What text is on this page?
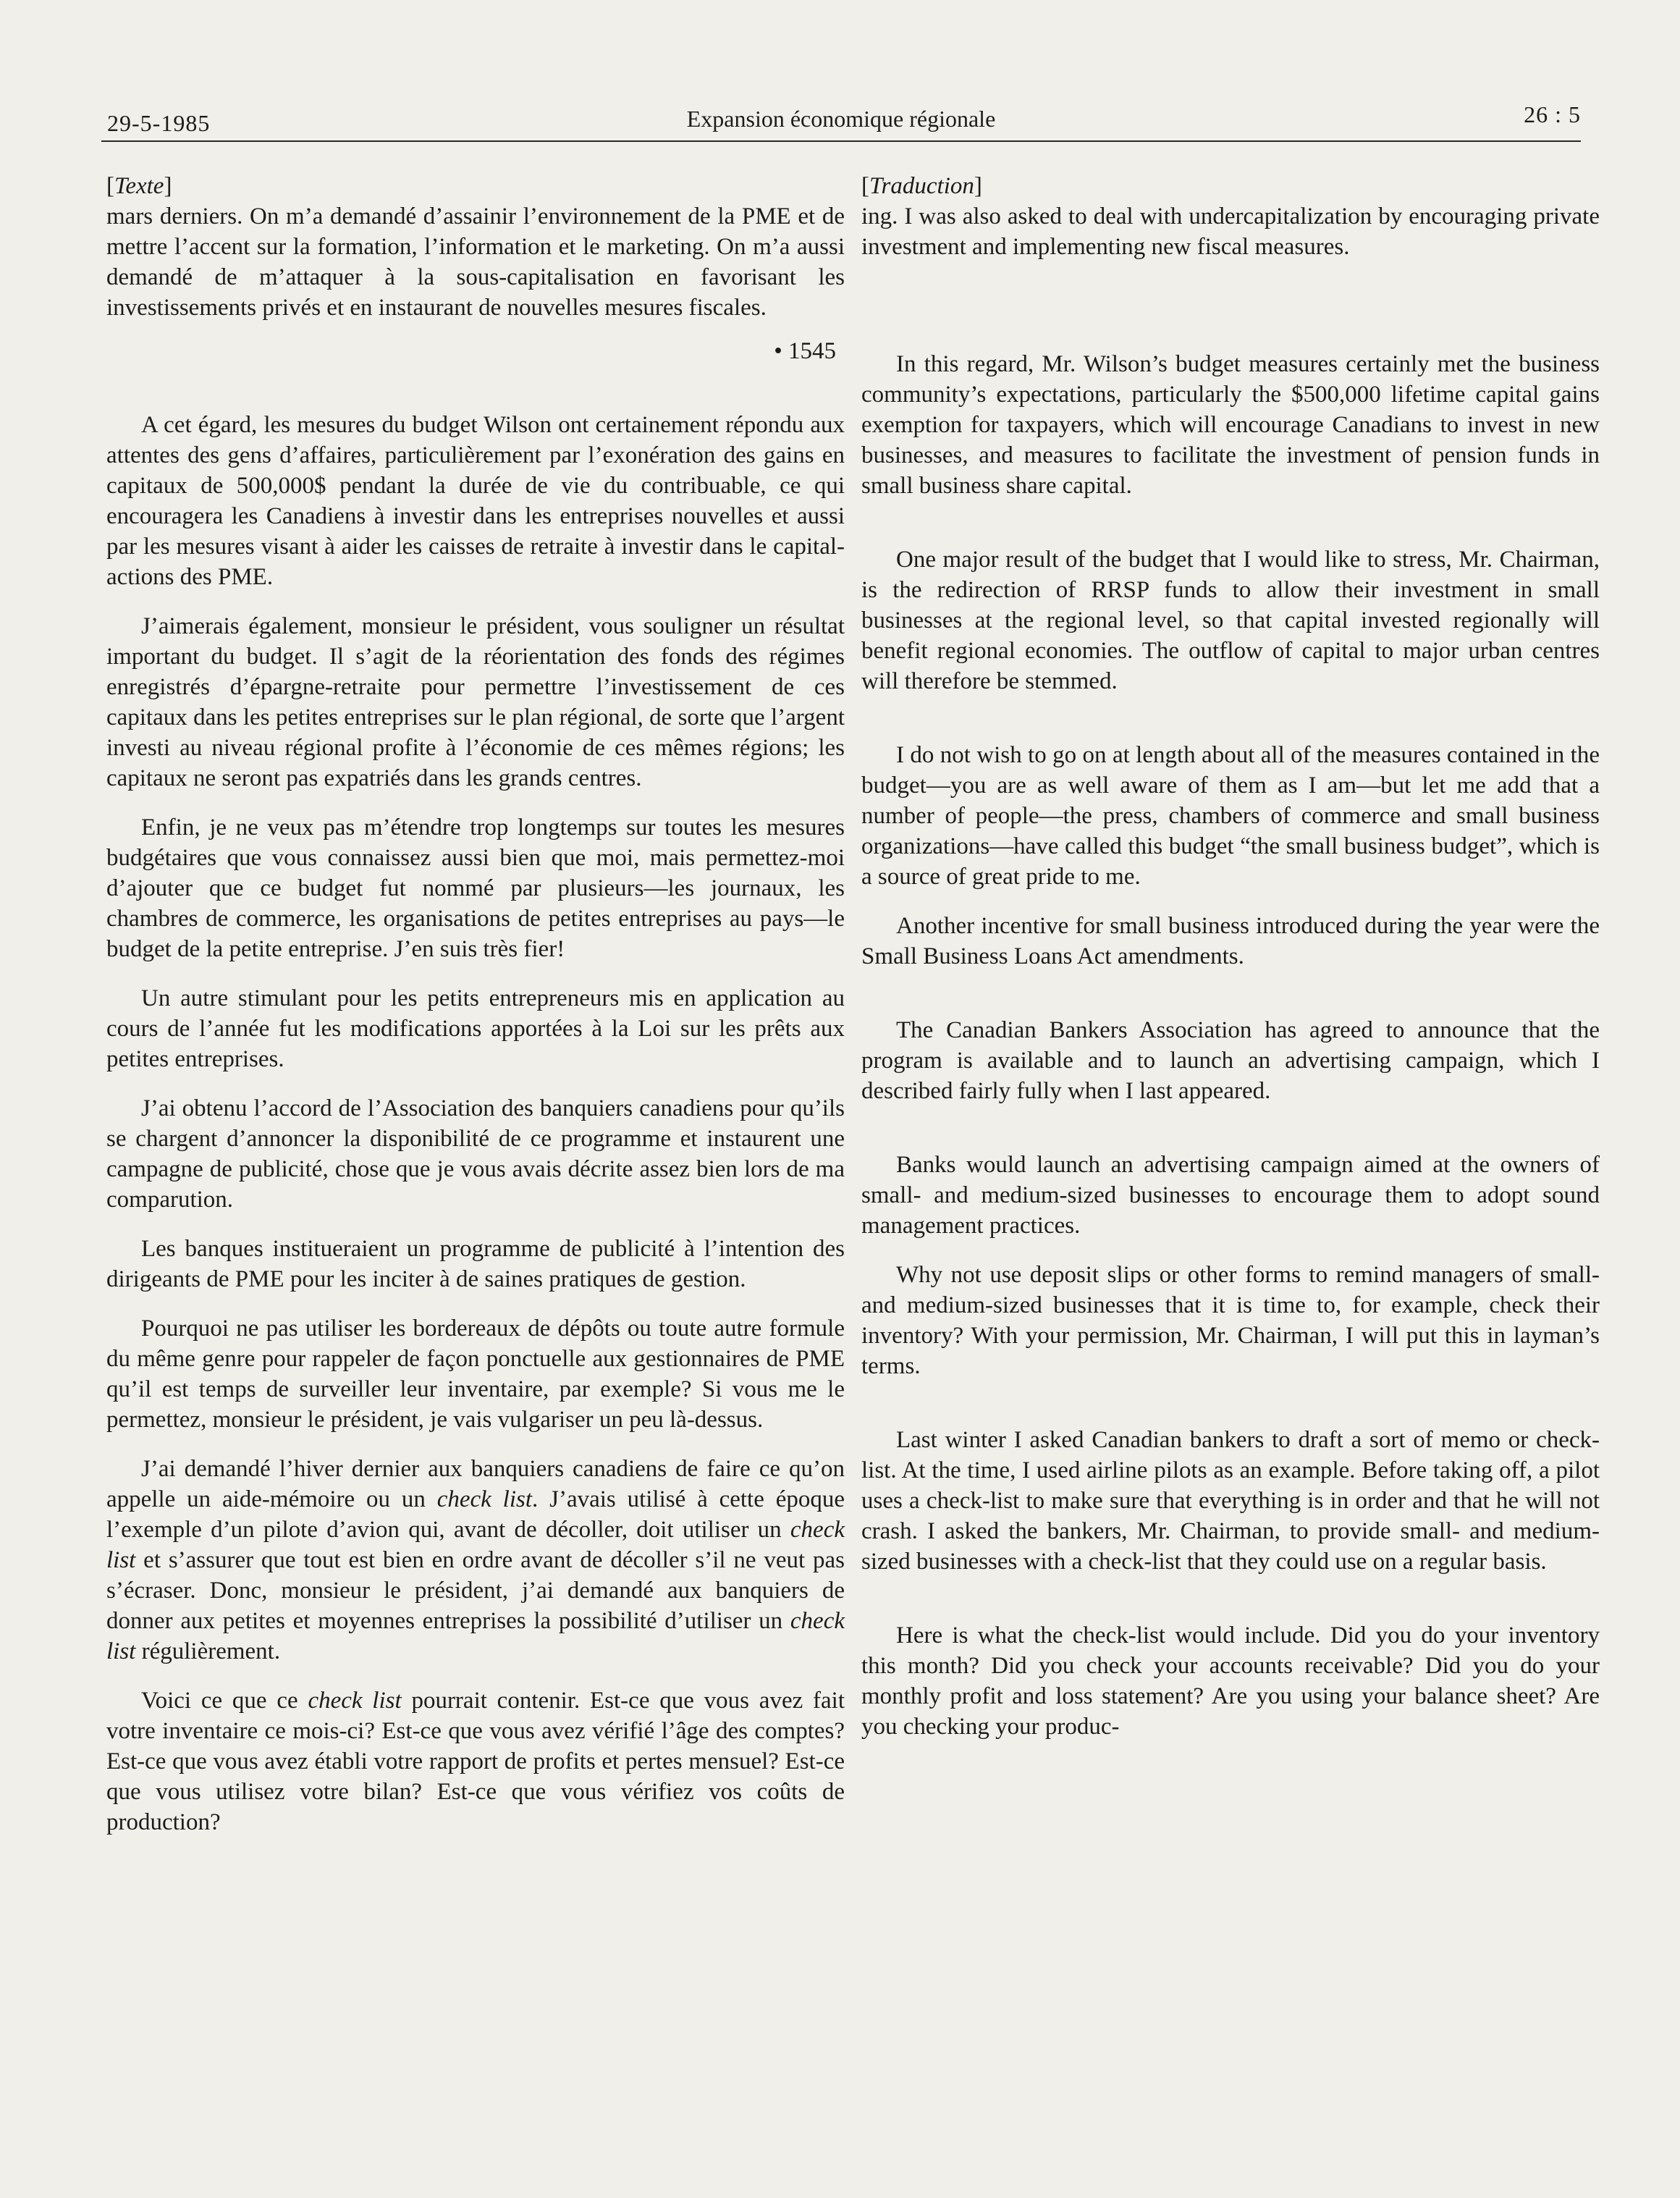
29-5-1985	Expansion économique régionale	26 : 5

[Texte]

mars derniers. On m’a demandé d’assainir l’environnement de la PME et de mettre l’accent sur la formation, l’information et le marketing. On m’a aussi demandé de m’attaquer à la sous-capitalisation en favorisant les investissements privés et en instaurant de nouvelles mesures fiscales.

• 1545

A cet égard, les mesures du budget Wilson ont certainement répondu aux attentes des gens d’affaires, particulièrement par l’exonération des gains en capitaux de 500,000$ pendant la durée de vie du contribuable, ce qui encouragera les Canadiens à investir dans les entreprises nouvelles et aussi par les mesures visant à aider les caisses de retraite à investir dans le capital-actions des PME.

J’aimerais également, monsieur le président, vous souligner un résultat important du budget. Il s’agit de la réorientation des fonds des régimes enregistrés d’épargne-retraite pour permettre l’investissement de ces capitaux dans les petites entreprises sur le plan régional, de sorte que l’argent investi au niveau régional profite à l’économie de ces mêmes régions; les capitaux ne seront pas expatriés dans les grands centres.

Enfin, je ne veux pas m’étendre trop longtemps sur toutes les mesures budgétaires que vous connaissez aussi bien que moi, mais permettez-moi d’ajouter que ce budget fut nommé par plusieurs—les journaux, les chambres de commerce, les organisations de petites entreprises au pays—le budget de la petite entreprise. J’en suis très fier!

Un autre stimulant pour les petits entrepreneurs mis en application au cours de l’année fut les modifications apportées à la Loi sur les prêts aux petites entreprises.

J’ai obtenu l’accord de l’Association des banquiers canadiens pour qu’ils se chargent d’annoncer la disponibilité de ce programme et instaurent une campagne de publicité, chose que je vous avais décrite assez bien lors de ma comparution.

Les banques institueraient un programme de publicité à l’intention des dirigeants de PME pour les inciter à de saines pratiques de gestion.

Pourquoi ne pas utiliser les bordereaux de dépôts ou toute autre formule du même genre pour rappeler de façon ponctuelle aux gestionnaires de PME qu’il est temps de surveiller leur inventaire, par exemple? Si vous me le permettez, monsieur le président, je vais vulgariser un peu là-dessus.

J’ai demandé l’hiver dernier aux banquiers canadiens de faire ce qu’on appelle un aide-mémoire ou un check list. J’avais utilisé à cette époque l’exemple d’un pilote d’avion qui, avant de décoller, doit utiliser un check list et s’assurer que tout est bien en ordre avant de décoller s’il ne veut pas s’écraser. Donc, monsieur le président, j’ai demandé aux banquiers de donner aux petites et moyennes entreprises la possibilité d’utiliser un check list régulièrement.

Voici ce que ce check list pourrait contenir. Est-ce que vous avez fait votre inventaire ce mois-ci? Est-ce que vous avez vérifié l’âge des comptes? Est-ce que vous avez établi votre rapport de profits et pertes mensuel? Est-ce que vous utilisez votre bilan? Est-ce que vous vérifiez vos coûts de production?

[Traduction]

ing. I was also asked to deal with undercapitalization by encouraging private investment and implementing new fiscal measures.

In this regard, Mr. Wilson’s budget measures certainly met the business community’s expectations, particularly the $500,000 lifetime capital gains exemption for taxpayers, which will encourage Canadians to invest in new businesses, and measures to facilitate the investment of pension funds in small business share capital.

One major result of the budget that I would like to stress, Mr. Chairman, is the redirection of RRSP funds to allow their investment in small businesses at the regional level, so that capital invested regionally will benefit regional economies. The outflow of capital to major urban centres will therefore be stemmed.

I do not wish to go on at length about all of the measures contained in the budget—you are as well aware of them as I am—but let me add that a number of people—the press, chambers of commerce and small business organizations—have called this budget “the small business budget”, which is a source of great pride to me.

Another incentive for small business introduced during the year were the Small Business Loans Act amendments.

The Canadian Bankers Association has agreed to announce that the program is available and to launch an advertising campaign, which I described fairly fully when I last appeared.

Banks would launch an advertising campaign aimed at the owners of small- and medium-sized businesses to encourage them to adopt sound management practices.

Why not use deposit slips or other forms to remind managers of small- and medium-sized businesses that it is time to, for example, check their inventory? With your permission, Mr. Chairman, I will put this in layman’s terms.

Last winter I asked Canadian bankers to draft a sort of memo or check-list. At the time, I used airline pilots as an example. Before taking off, a pilot uses a check-list to make sure that everything is in order and that he will not crash. I asked the bankers, Mr. Chairman, to provide small- and medium-sized businesses with a check-list that they could use on a regular basis.

Here is what the check-list would include. Did you do your inventory this month? Did you check your accounts receivable? Did you do your monthly profit and loss statement? Are you using your balance sheet? Are you checking your produc-
